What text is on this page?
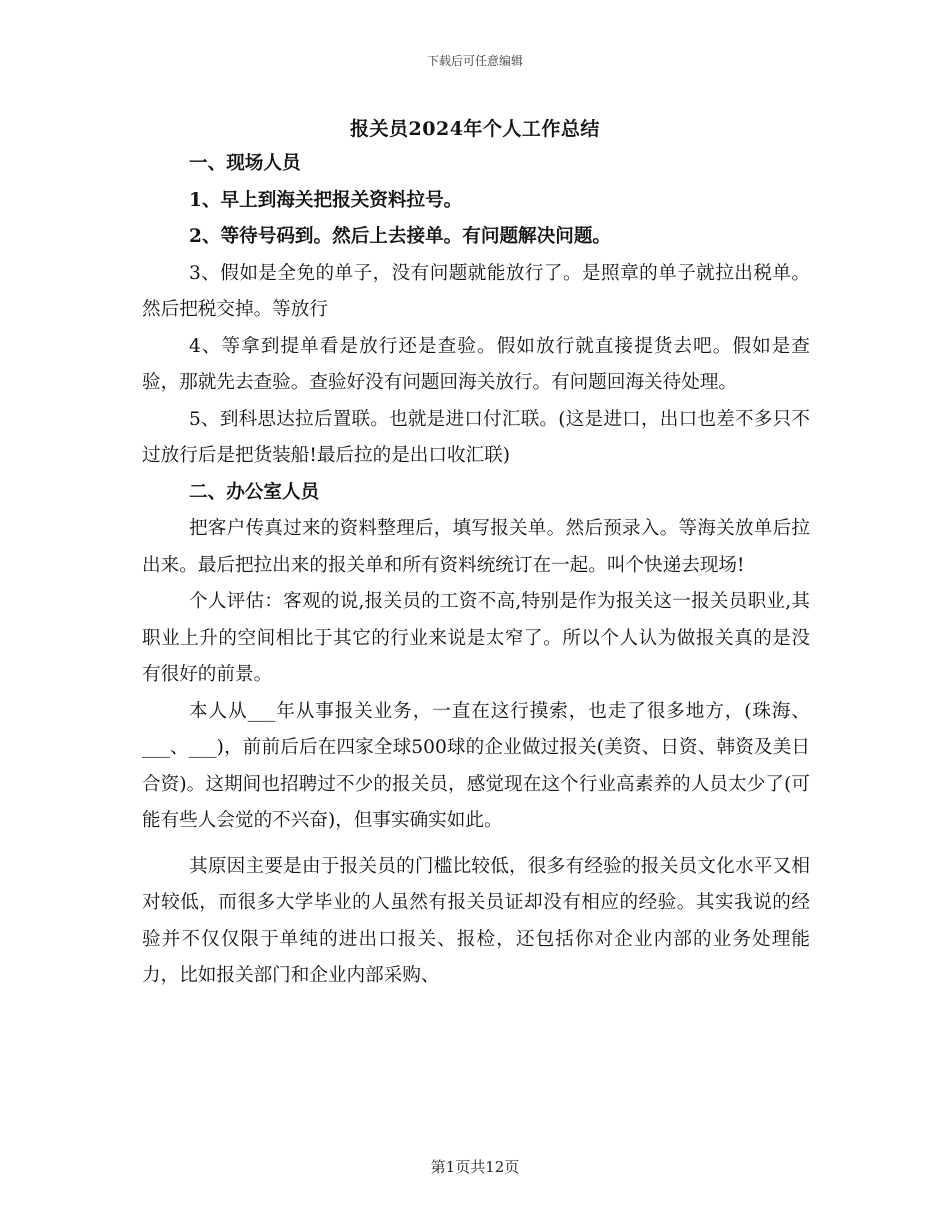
下载后可任意编辑
报关员2024年个人工作总结

一、现场人员

1、早上到海关把报关资料拉号。

2、等待号码到。然后上去接单。有问题解决问题。

3、假如是全免的单子，没有问题就能放行了。是照章的单子就拉出税单。然后把税交掉。等放行

4、等拿到提单看是放行还是查验。假如放行就直接提货去吧。假如是查验，那就先去查验。查验好没有问题回海关放行。有问题回海关待处理。

5、到科思达拉后置联。也就是进口付汇联。(这是进口，出口也差不多只不过放行后是把货装船!最后拉的是出口收汇联)

二、办公室人员

把客户传真过来的资料整理后，填写报关单。然后预录入。等海关放单后拉出来。最后把拉出来的报关单和所有资料统统订在一起。叫个快递去现场!

个人评估：客观的说,报关员的工资不高,特别是作为报关这一报关员职业,其职业上升的空间相比于其它的行业来说是太窄了。所以个人认为做报关真的是没有很好的前景。

本人从___年从事报关业务，一直在这行摸索，也走了很多地方，(珠海、___、___)，前前后后在四家全球500球的企业做过报关(美资、日资、韩资及美日合资)。这期间也招聘过不少的报关员，感觉现在这个行业高素养的人员太少了(可能有些人会觉的不兴奋)，但事实确实如此。

其原因主要是由于报关员的门槛比较低，很多有经验的报关员文化水平又相对较低，而很多大学毕业的人虽然有报关员证却没有相应的经验。其实我说的经验并不仅仅限于单纯的进出口报关、报检，还包括你对企业内部的业务处理能力，比如报关部门和企业内部采购、

第1页共12页
